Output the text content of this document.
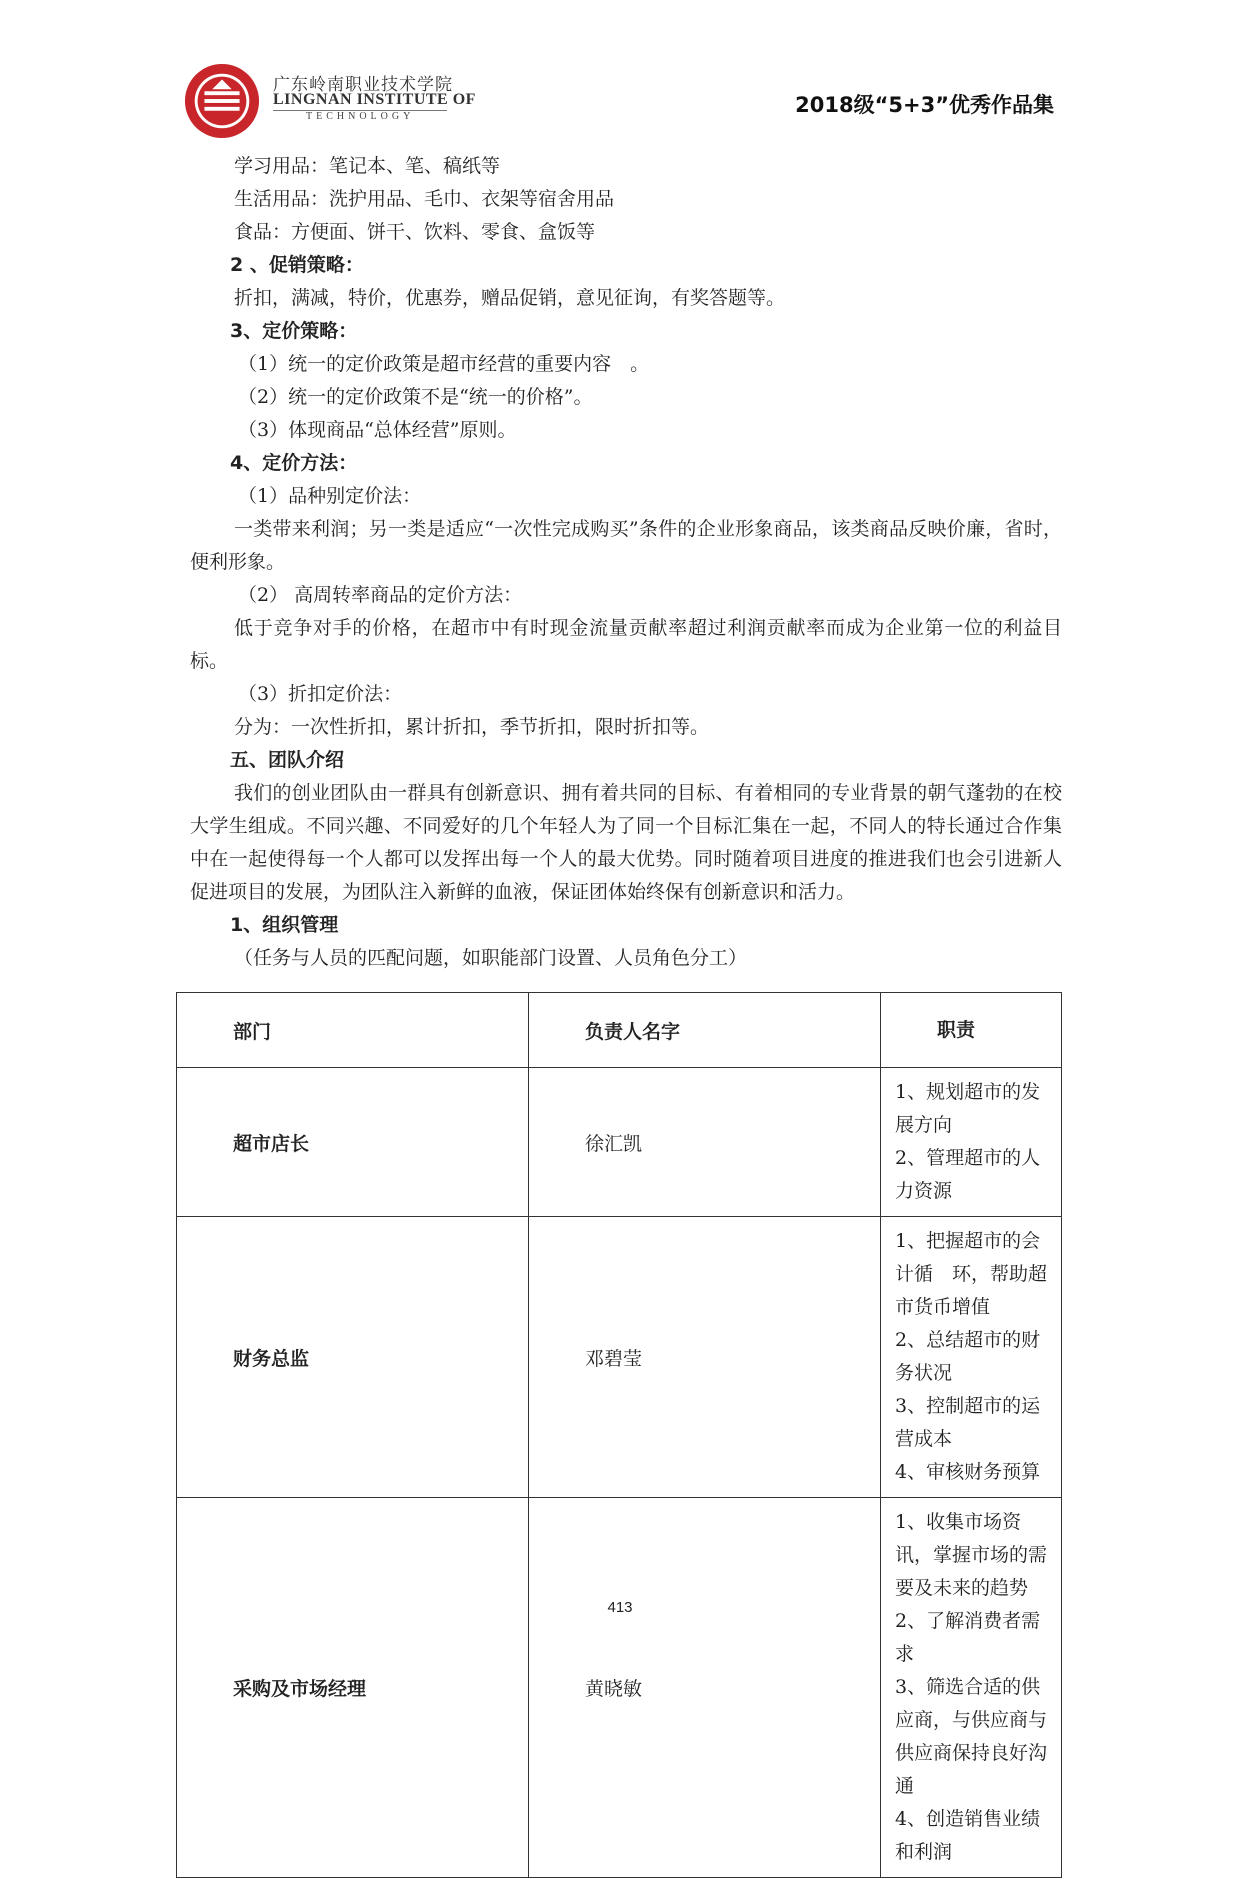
广东岭南职业技术学院
LINGNAN INSTITUTE OF
TECHNOLOGY	2018级“5+3”优秀作品集

学习用品：笔记本、笔、稿纸等

生活用品：洗护用品、毛巾、衣架等宿舍用品

食品：方便面、饼干、饮料、零食、盒饭等

2 、促销策略：

折扣，满减，特价，优惠券，赠品促销，意见征询，有奖答题等。

3、定价策略：

（1）统一的定价政策是超市经营的重要内容　。

（2）统一的定价政策不是“统一的价格”。

（3）体现商品“总体经营”原则。

4、定价方法：

（1）品种别定价法：

一类带来利润；另一类是适应“一次性完成购买”条件的企业形象商品，该类商品反映价廉，省时，便利形象。

（2） 高周转率商品的定价方法：

低于竞争对手的价格，在超市中有时现金流量贡献率超过利润贡献率而成为企业第一位的利益目标。

（3）折扣定价法：

分为：一次性折扣，累计折扣，季节折扣，限时折扣等。

五、团队介绍

我们的创业团队由一群具有创新意识、拥有着共同的目标、有着相同的专业背景的朝气蓬勃的在校大学生组成。不同兴趣、不同爱好的几个年轻人为了同一个目标汇集在一起，不同人的特长通过合作集中在一起使得每一个人都可以发挥出每一个人的最大优势。同时随着项目进度的推进我们也会引进新人促进项目的发展，为团队注入新鲜的血液，保证团体始终保有创新意识和活力。

1、组织管理

（任务与人员的匹配问题，如职能部门设置、人员角色分工）

部门	负责人名字	职责
超市店长	徐汇凯	1、规划超市的发展方向
2、管理超市的人力资源

财务总监	邓碧莹	1、把握超市的会计循　环，帮助超市货币增值
2、总结超市的财务状况
3、控制超市的运营成本
4、审核财务预算

采购及市场经理	黄晓敏	1、收集市场资讯，掌握市场的需要及未来的趋势
2、了解消费者需求
3、筛选合适的供应商，与供应商与供应商保持良好沟通
4、创造销售业绩和利润
413
